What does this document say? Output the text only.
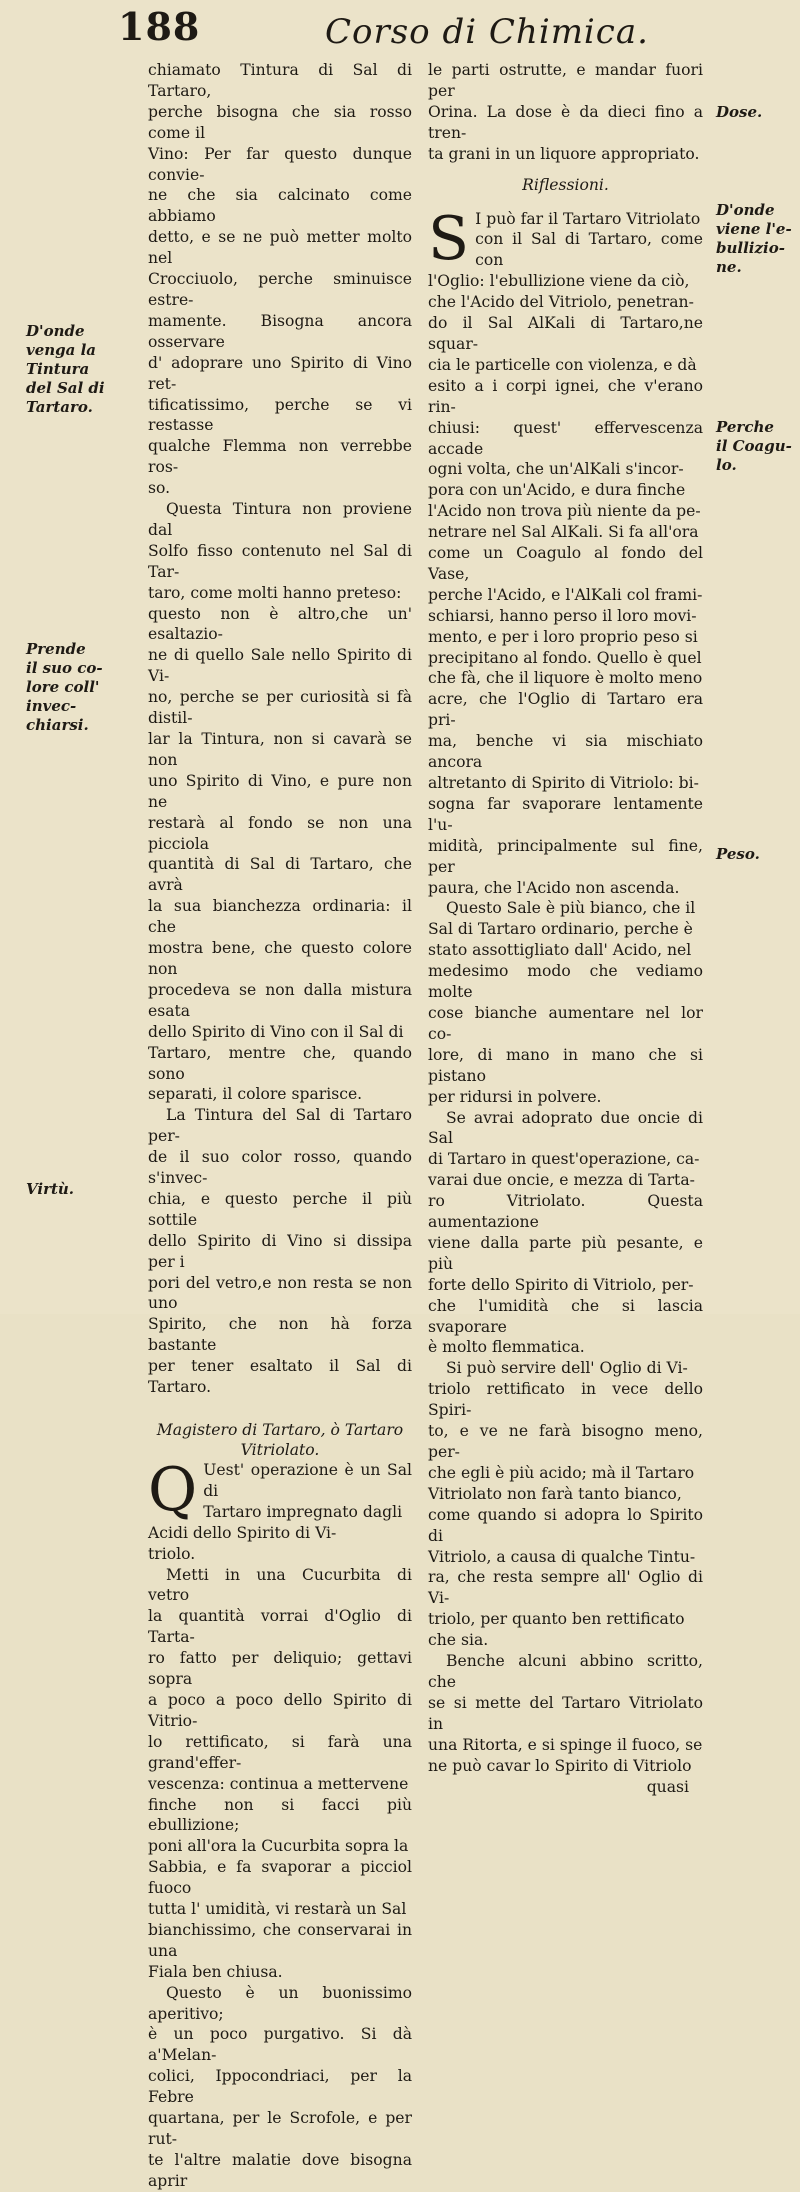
188	Corso di Chimica.

chiamato Tintura di Sal di Tartaro,
perche bisogna che sia rosso come il
Vino: Per far questo dunque convie-
ne che sia calcinato come abbiamo
detto, e se ne può metter molto nel
Crocciuolo, perche sminuisce estre-
mamente. Bisogna ancora osservare
d' adoprare uno Spirito di Vino ret-
tificatissimo, perche se vi restasse
qualche Flemma non verrebbe ros-
so.

Questa Tintura non proviene dal
Solfo fisso contenuto nel Sal di Tar-
taro, come molti hanno preteso:
questo non è altro,che un' esaltazio-
ne di quello Sale nello Spirito di Vi-
no, perche se per curiosità si fà distil-
lar la Tintura, non si cavarà se non
uno Spirito di Vino, e pure non ne
restarà al fondo se non una picciola
quantità di Sal di Tartaro, che avrà
la sua bianchezza ordinaria: il che
mostra bene, che questo colore non
procedeva se non dalla mistura esata
dello Spirito di Vino con il Sal di
Tartaro, mentre che, quando sono
separati, il colore sparisce.

La Tintura del Sal di Tartaro per-
de il suo color rosso, quando s'invec-
chia, e questo perche il più sottile
dello Spirito di Vino si dissipa per i
pori del vetro,e non resta se non uno
Spirito, che non hà forza bastante
per tener esaltato il Sal di Tartaro.

Magistero di Tartaro, ò Tartaro
Vitriolato.

Q Uest' operazione è un Sal di
Tartaro impregnato dagli
Acidi dello Spirito di Vi-
triolo.

Metti in una Cucurbita di vetro
la quantità vorrai d'Oglio di Tarta-
ro fatto per deliquio; gettavi sopra
a poco a poco dello Spirito di Vitrio-
lo rettificato, si farà una grand'effer-
vescenza: continua a mettervene
finche non si facci più ebullizione;
poni all'ora la Cucurbita sopra la
Sabbia, e fa svaporar a picciol fuoco
tutta l' umidità, vi restarà un Sal
bianchissimo, che conservarai in una
Fiala ben chiusa.

Questo è un buonissimo aperitivo;
è un poco purgativo. Si dà a'Melan-
colici, Ippocondriaci, per la Febre
quartana, per le Scrofole, e per rut-
te l'altre malatie dove bisogna aprir

le parti ostrutte, e mandar fuori per
Orina. La dose è da dieci fino a tren-
ta grani in un liquore appropriato.

Riflessioni.

S I può far il Tartaro Vitriolato
con il Sal di Tartaro, come con
l'Oglio: l'ebullizione viene da ciò,
che l'Acido del Vitriolo, penetran-
do il Sal AlKali di Tartaro,ne squar-
cia le particelle con violenza, e dà
esito a i corpi ignei, che v'erano rin-
chiusi: quest' effervescenza accade
ogni volta, che un'AlKali s'incor-
pora con un'Acido, e dura finche
l'Acido non trova più niente da pe-
netrare nel Sal AlKali. Si fa all'ora
come un Coagulo al fondo del Vase,
perche l'Acido, e l'AlKali col frami-
schiarsi, hanno perso il loro movi-
mento, e per i loro proprio peso si
precipitano al fondo. Quello è quel
che fà, che il liquore è molto meno
acre, che l'Oglio di Tartaro era pri-
ma, benche vi sia mischiato ancora
altretanto di Spirito di Vitriolo: bi-
sogna far svaporare lentamente l'u-
midità, principalmente sul fine, per
paura, che l'Acido non ascenda.

Questo Sale è più bianco, che il
Sal di Tartaro ordinario, perche è
stato assottigliato dall' Acido, nel
medesimo modo che vediamo molte
cose bianche aumentare nel lor co-
lore, di mano in mano che si pistano
per ridursi in polvere.

Se avrai adoprato due oncie di Sal
di Tartaro in quest'operazione, ca-
varai due oncie, e mezza di Tarta-
ro Vitriolato. Questa aumentazione
viene dalla parte più pesante, e più
forte dello Spirito di Vitriolo, per-
che l'umidità che si lascia svaporare
è molto flemmatica.

Si può servire dell' Oglio di Vi-
triolo rettificato in vece dello Spiri-
to, e ve ne farà bisogno meno, per-
che egli è più acido; mà il Tartaro
Vitriolato non farà tanto bianco,
come quando si adopra lo Spirito di
Vitriolo, a causa di qualche Tintu-
ra, che resta sempre all' Oglio di Vi-
triolo, per quanto ben rettificato
che sia.

Benche alcuni abbino scritto, che
se si mette del Tartaro Vitriolato in
una Ritorta, e si spinge il fuoco, se
ne può cavar lo Spirito di Vitriolo

quasi

D'onde
venga la
Tintura
del Sal di
Tartaro.
Prende
il suo co-
lore coll'
invec-
chiarsi.
Virtù.
Dose.
D'onde
viene l'e-
bullizio-
ne.
Perche
il Coagu-
lo.
Peso.
